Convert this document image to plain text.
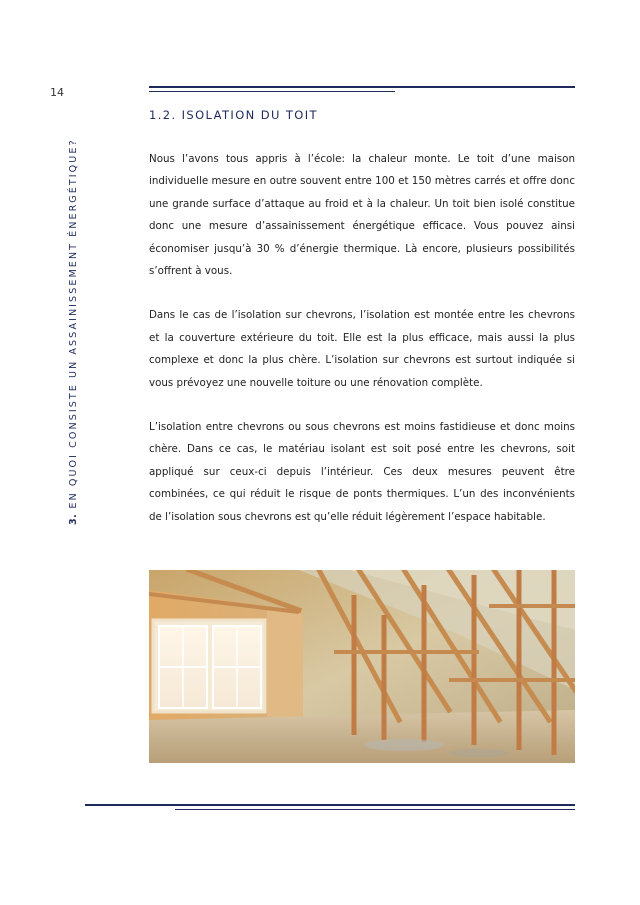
14
3. EN QUOI CONSISTE UN ASSAINISSEMENT ÉNERGÉTIQUE?
1.2. ISOLATION DU TOIT

Nous l’avons tous appris à l’école: la chaleur monte. Le toit d’une maison individuelle mesure en outre souvent entre 100 et 150 mètres carrés et offre donc une grande surface d’attaque au froid et à la chaleur. Un toit bien isolé constitue donc une mesure d’assainissement énergétique efficace. Vous pouvez ainsi économiser jusqu’à 30 % d’énergie thermique. Là encore, plusieurs possibilités s’offrent à vous.

Dans le cas de l’isolation sur chevrons, l’isolation est montée entre les chevrons et la couverture extérieure du toit. Elle est la plus efficace, mais aussi la plus complexe et donc la plus chère. L’isolation sur chevrons est surtout indiquée si vous prévoyez une nouvelle toiture ou une rénovation complète.

L’isolation entre chevrons ou sous chevrons est moins fastidieuse et donc moins chère. Dans ce cas, le matériau isolant est soit posé entre les chevrons, soit appliqué sur ceux-ci depuis l’intérieur. Ces deux mesures peuvent être combinées, ce qui réduit le risque de ponts thermiques. L’un des inconvénients de l’isolation sous chevrons est qu’elle réduit légèrement l’espace habitable.
